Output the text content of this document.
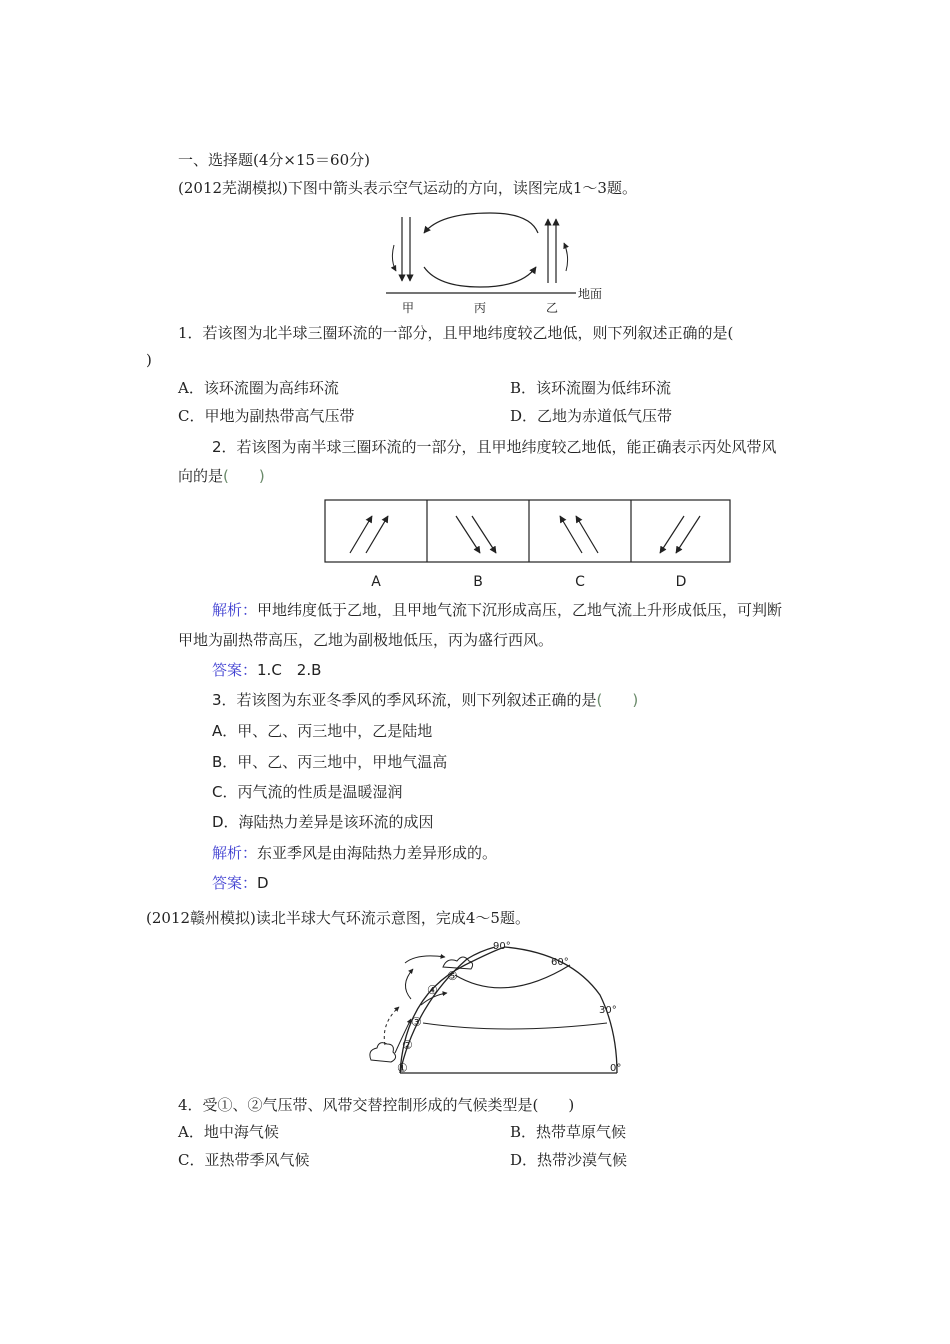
一、选择题(4分×15＝60分)
(2012芜湖模拟)下图中箭头表示空气运动的方向，读图完成1～3题。
甲	丙	乙
地面
1．若该图为北半球三圈环流的一部分，且甲地纬度较乙地低，则下列叙述正确的是(
)
A．该环流圈为高纬环流	B．该环流圈为低纬环流
C．甲地为副热带高气压带	D．乙地为赤道低气压带
2．若该图为南半球三圈环流的一部分，且甲地纬度较乙地低，能正确表示丙处风带风
向的是(　　)
A	B	C	D
解析：甲地纬度低于乙地，且甲地气流下沉形成高压，乙地气流上升形成低压，可判断
甲地为副热带高压，乙地为副极地低压，丙为盛行西风。
答案：1.C　2.B
3．若该图为东亚冬季风的季风环流，则下列叙述正确的是(　　)
A．甲、乙、丙三地中，乙是陆地
B．甲、乙、丙三地中，甲地气温高
C．丙气流的性质是温暖湿润
D．海陆热力差异是该环流的成因
解析：东亚季风是由海陆热力差异形成的。
答案：D
(2012赣州模拟)读北半球大气环流示意图，完成4～5题。
90°
60°
30°
0°
①
②
③
④
⑤
4．受①、②气压带、风带交替控制形成的气候类型是(　　)
A．地中海气候	B．热带草原气候
C．亚热带季风气候	D．热带沙漠气候
